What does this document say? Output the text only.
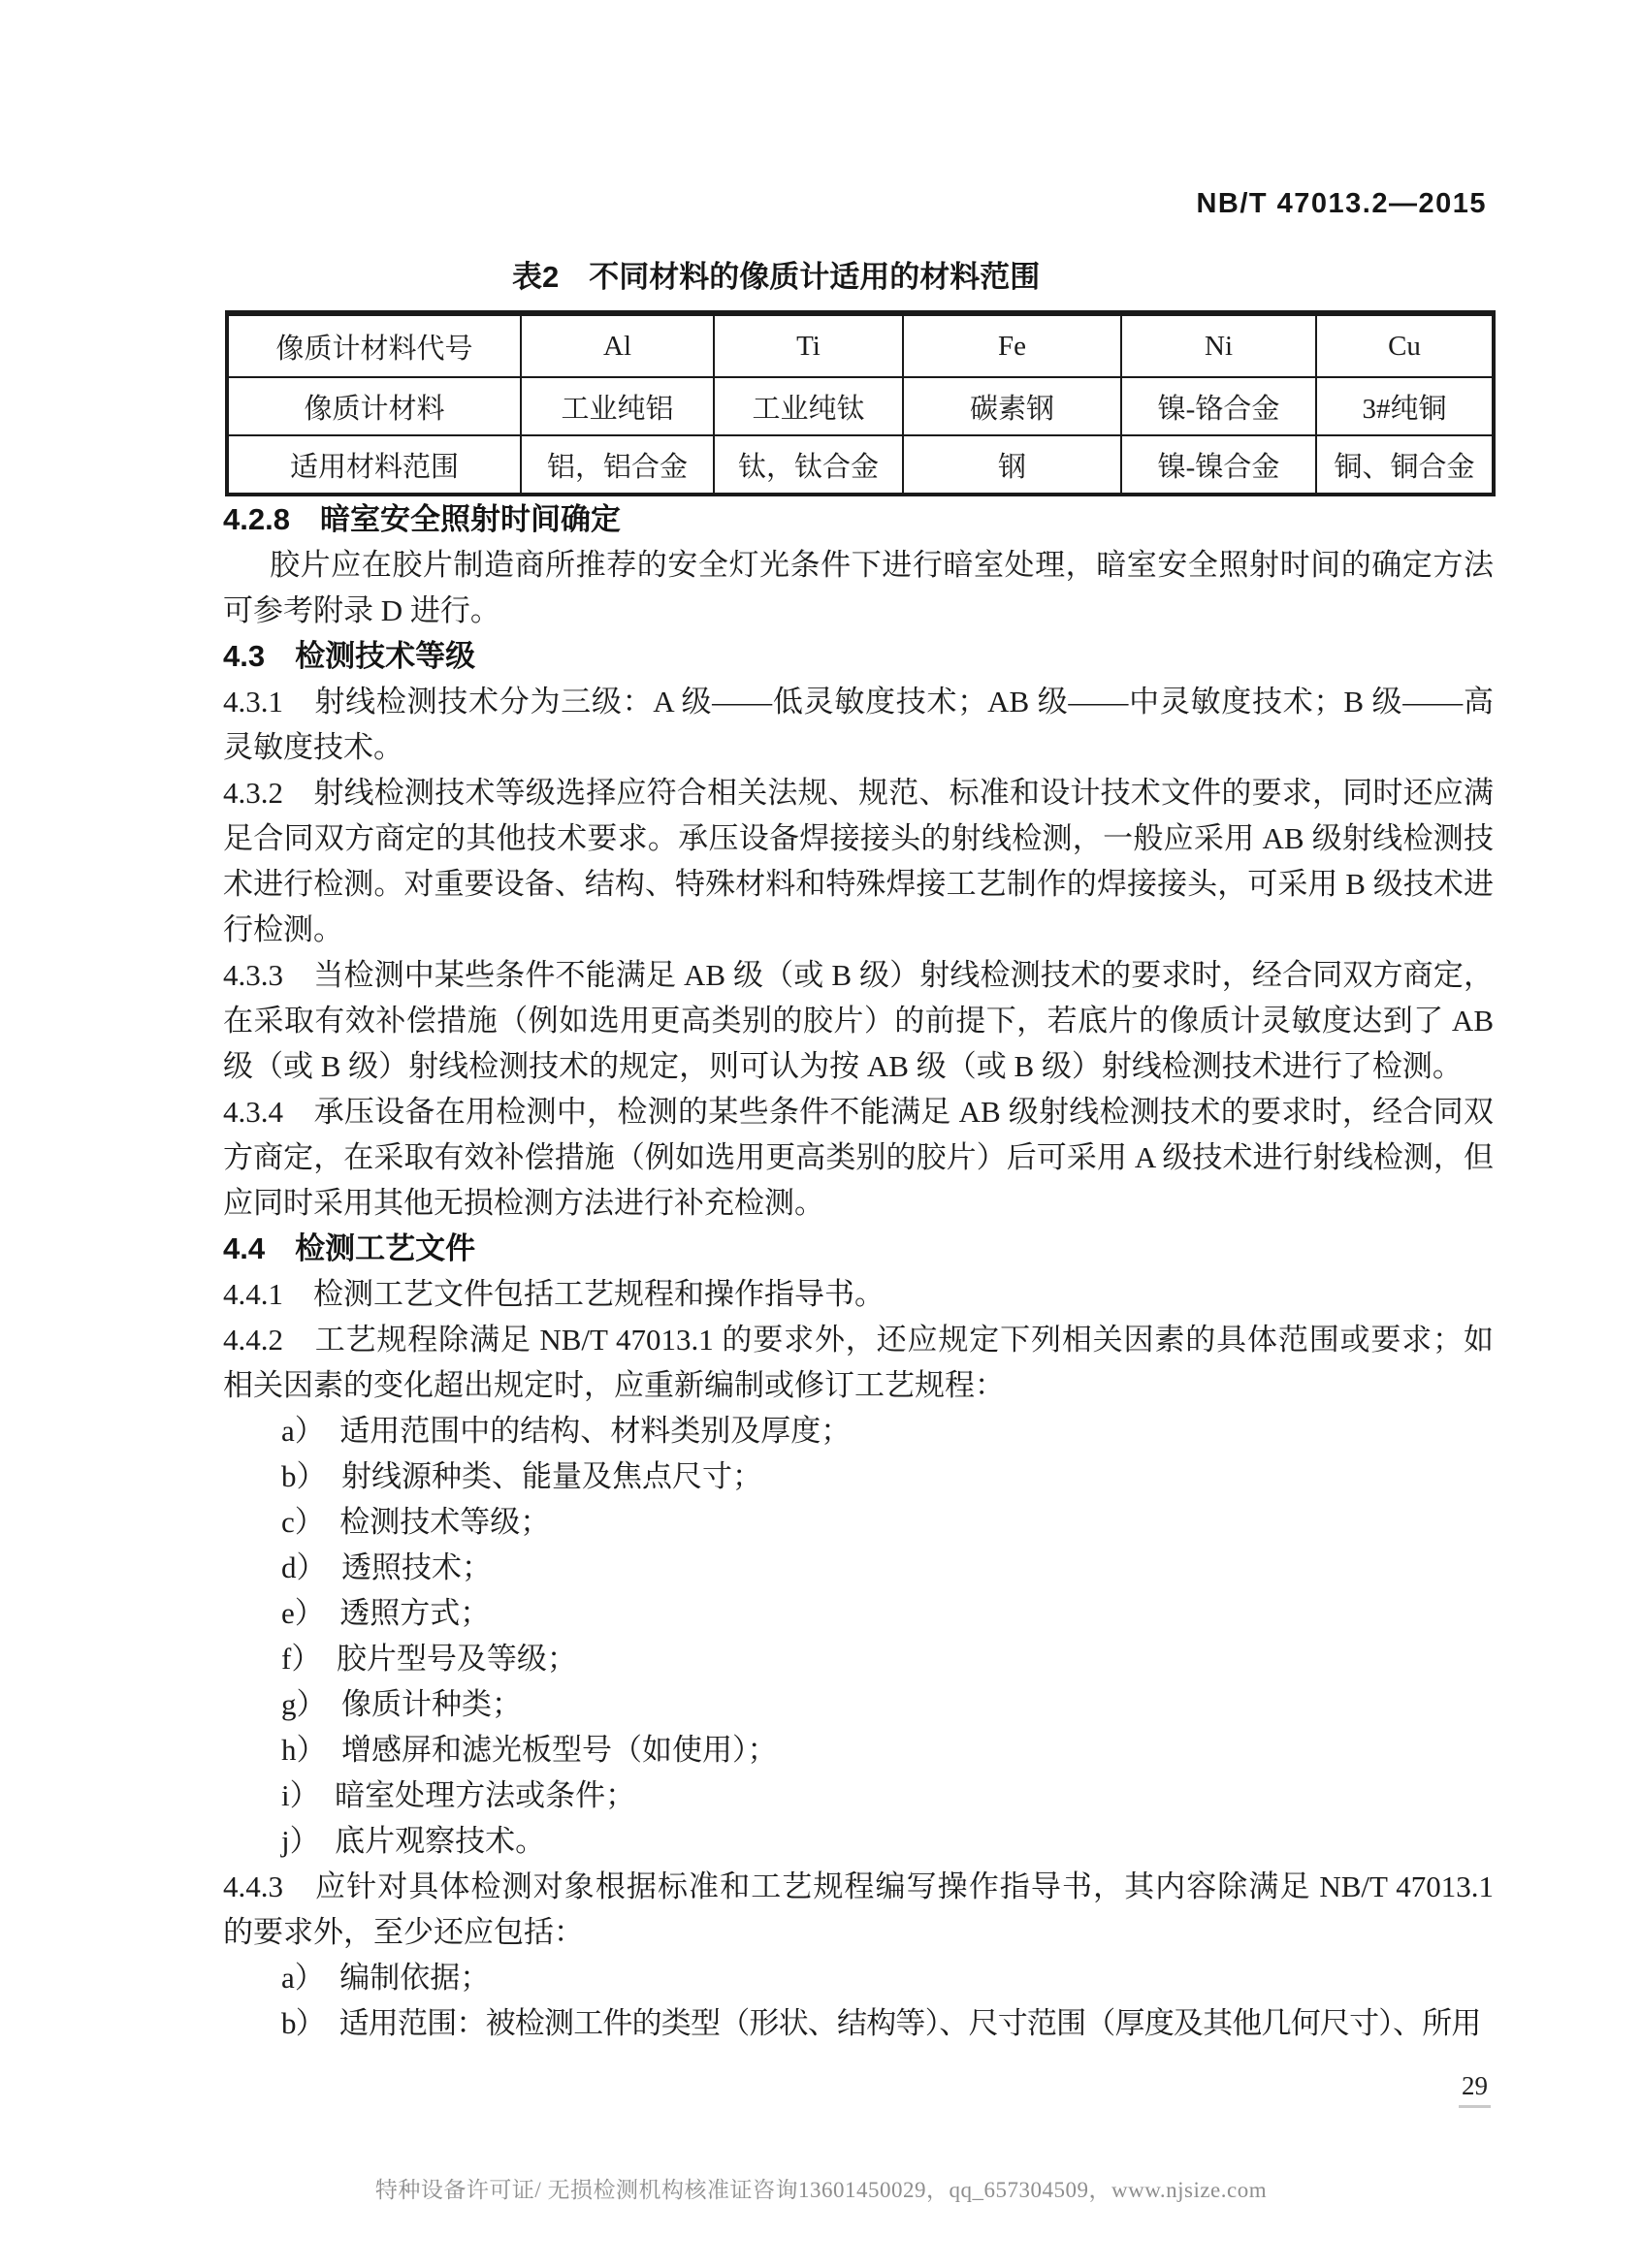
NB/T 47013.2—2015
表2　不同材料的像质计适用的材料范围
像质计材料代号	Al	Ti	Fe	Ni	Cu
像质计材料	工业纯铝	工业纯钛	碳素钢	镍-铬合金	3#纯铜
适用材料范围	铝，铝合金	钛，钛合金	钢	镍-镍合金	铜、铜合金
4.2.8　暗室安全照射时间确定

胶片应在胶片制造商所推荐的安全灯光条件下进行暗室处理，暗室安全照射时间的确定方法可参考附录 D 进行。

4.3　检测技术等级

4.3.1　射线检测技术分为三级：A 级——低灵敏度技术；AB 级——中灵敏度技术；B 级——高灵敏度技术。

4.3.2　射线检测技术等级选择应符合相关法规、规范、标准和设计技术文件的要求，同时还应满足合同双方商定的其他技术要求。承压设备焊接接头的射线检测，一般应采用 AB 级射线检测技术进行检测。对重要设备、结构、特殊材料和特殊焊接工艺制作的焊接接头，可采用 B 级技术进行检测。

4.3.3　当检测中某些条件不能满足 AB 级（或 B 级）射线检测技术的要求时，经合同双方商定，在采取有效补偿措施（例如选用更高类别的胶片）的前提下，若底片的像质计灵敏度达到了 AB 级（或 B 级）射线检测技术的规定，则可认为按 AB 级（或 B 级）射线检测技术进行了检测。

4.3.4　承压设备在用检测中，检测的某些条件不能满足 AB 级射线检测技术的要求时，经合同双方商定，在采取有效补偿措施（例如选用更高类别的胶片）后可采用 A 级技术进行射线检测，但应同时采用其他无损检测方法进行补充检测。

4.4　检测工艺文件

4.4.1　检测工艺文件包括工艺规程和操作指导书。

4.4.2　工艺规程除满足 NB/T 47013.1 的要求外，还应规定下列相关因素的具体范围或要求；如相关因素的变化超出规定时，应重新编制或修订工艺规程：

a）　适用范围中的结构、材料类别及厚度；
b）　射线源种类、能量及焦点尺寸；
c）　检测技术等级；
d）　透照技术；
e）　透照方式；
f）　胶片型号及等级；
g）　像质计种类；
h）　增感屏和滤光板型号（如使用）；
i）　暗室处理方法或条件；
j）　底片观察技术。

4.4.3　应针对具体检测对象根据标准和工艺规程编写操作指导书，其内容除满足 NB/T 47013.1 的要求外，至少还应包括：

a）　编制依据；
b）　适用范围：被检测工件的类型（形状、结构等）、尺寸范围（厚度及其他几何尺寸）、所用
29
特种设备许可证/ 无损检测机构核准证咨询13601450029，qq_657304509，www.njsize.com
